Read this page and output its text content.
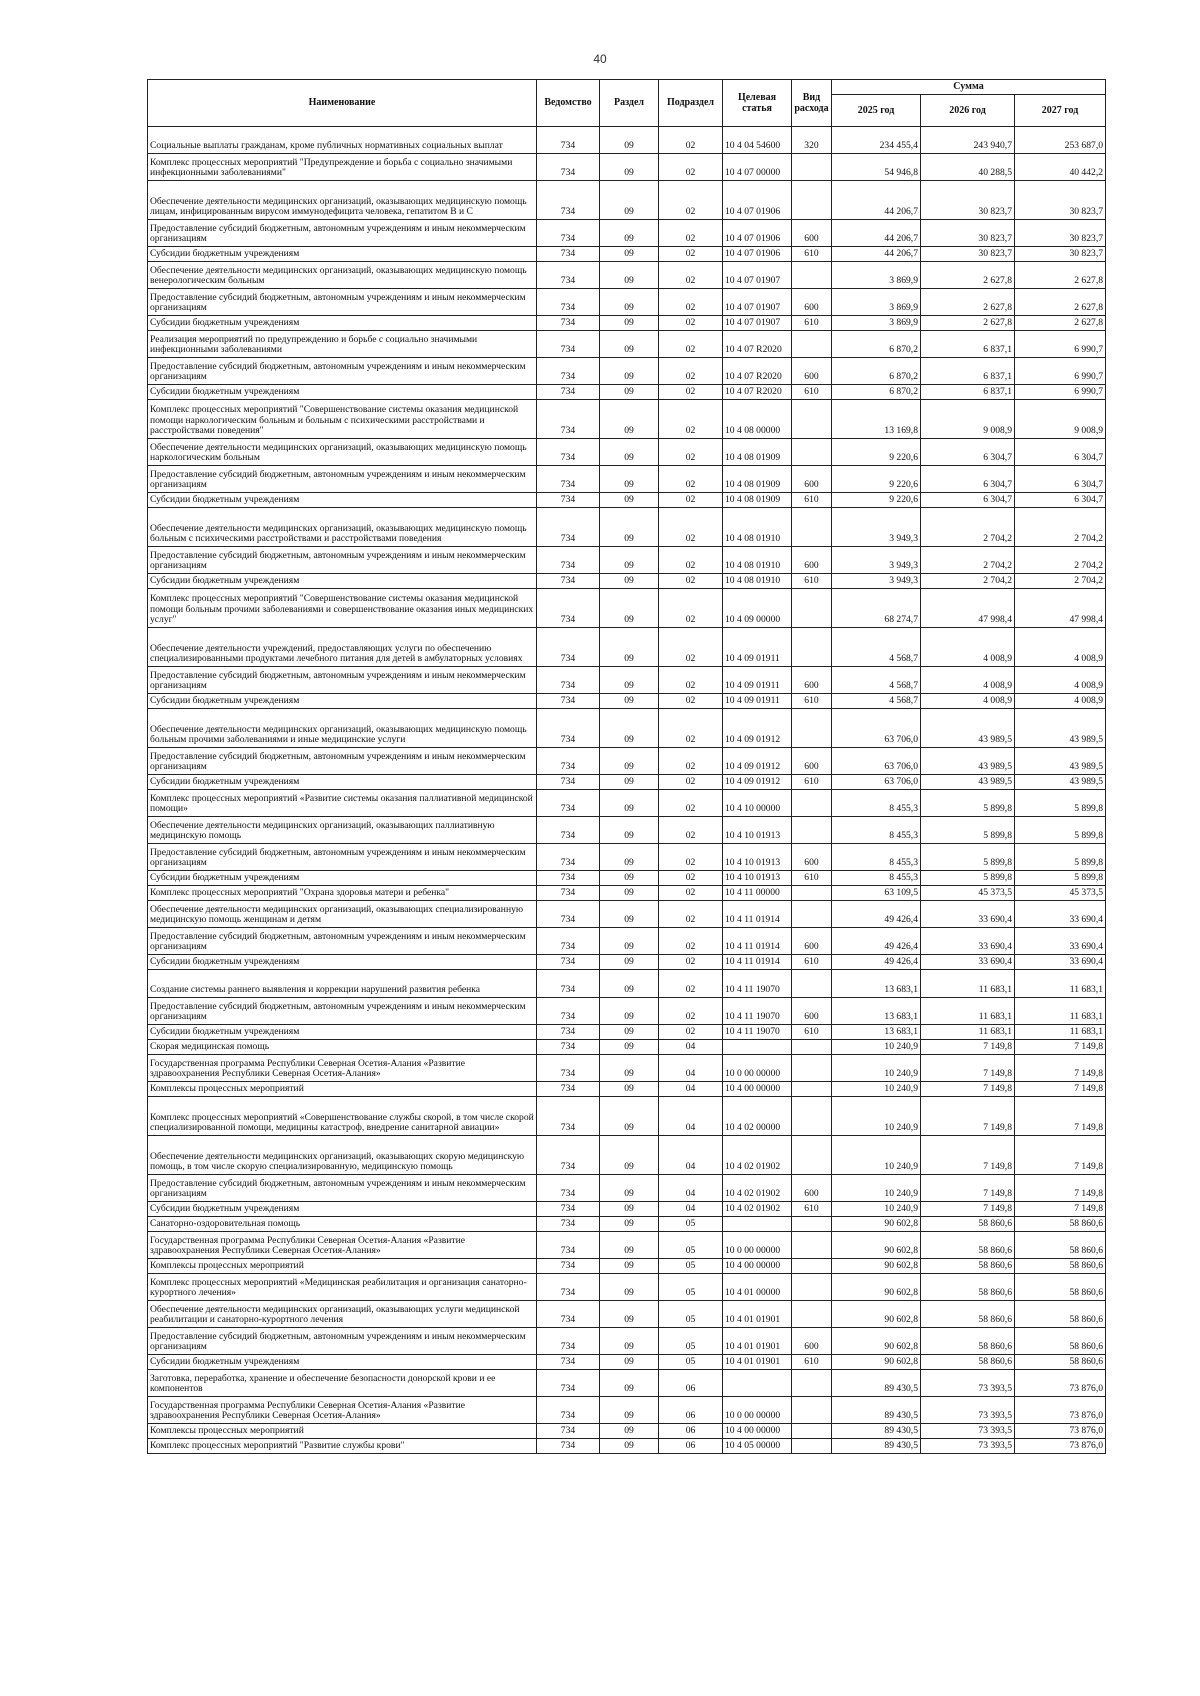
40
Наименование	Ведомство	Раздел	Подраздел	Целевая статья	Вид расхода	Сумма		
						2025 год	2026 год	2027 год
Социальные выплаты гражданам, кроме публичных нормативных социальных выплат	734	09	02	10 4 04 54600	320	234 455,4	243 940,7	253 687,0
Комплекс процессных мероприятий "Предупреждение и борьба с социально значимыми инфекционными заболеваниями"	734	09	02	10 4 07 00000		54 946,8	40 288,5	40 442,2
Обеспечение деятельности медицинских организаций, оказывающих медицинскую помощь лицам, инфицированным вирусом иммунодефицита человека, гепатитом В и С	734	09	02	10 4 07 01906		44 206,7	30 823,7	30 823,7
Предоставление субсидий бюджетным, автономным учреждениям и иным некоммерческим организациям	734	09	02	10 4 07 01906	600	44 206,7	30 823,7	30 823,7
Субсидии бюджетным учреждениям	734	09	02	10 4 07 01906	610	44 206,7	30 823,7	30 823,7
Обеспечение деятельности медицинских организаций, оказывающих медицинскую помощь венерологическим больным	734	09	02	10 4 07 01907		3 869,9	2 627,8	2 627,8
Предоставление субсидий бюджетным, автономным учреждениям и иным некоммерческим организациям	734	09	02	10 4 07 01907	600	3 869,9	2 627,8	2 627,8
Субсидии бюджетным учреждениям	734	09	02	10 4 07 01907	610	3 869,9	2 627,8	2 627,8
Реализация мероприятий по предупреждению и борьбе с социально значимыми инфекционными заболеваниями	734	09	02	10 4 07 R2020		6 870,2	6 837,1	6 990,7
Предоставление субсидий бюджетным, автономным учреждениям и иным некоммерческим организациям	734	09	02	10 4 07 R2020	600	6 870,2	6 837,1	6 990,7
Субсидии бюджетным учреждениям	734	09	02	10 4 07 R2020	610	6 870,2	6 837,1	6 990,7
Комплекс процессных мероприятий "Совершенствование системы оказания медицинской помощи наркологическим больным и больным с психическими расстройствами и расстройствами поведения"	734	09	02	10 4 08 00000		13 169,8	9 008,9	9 008,9
Обеспечение деятельности медицинских организаций, оказывающих медицинскую помощь наркологическим больным	734	09	02	10 4 08 01909		9 220,6	6 304,7	6 304,7
Предоставление субсидий бюджетным, автономным учреждениям и иным некоммерческим организациям	734	09	02	10 4 08 01909	600	9 220,6	6 304,7	6 304,7
Субсидии бюджетным учреждениям	734	09	02	10 4 08 01909	610	9 220,6	6 304,7	6 304,7
Обеспечение деятельности медицинских организаций, оказывающих медицинскую помощь больным с психическими расстройствами и расстройствами поведения	734	09	02	10 4 08 01910		3 949,3	2 704,2	2 704,2
Предоставление субсидий бюджетным, автономным учреждениям и иным некоммерческим организациям	734	09	02	10 4 08 01910	600	3 949,3	2 704,2	2 704,2
Субсидии бюджетным учреждениям	734	09	02	10 4 08 01910	610	3 949,3	2 704,2	2 704,2
Комплекс процессных мероприятий "Совершенствование системы оказания медицинской помощи больным прочими заболеваниями и совершенствование оказания иных медицинских услуг"	734	09	02	10 4 09 00000		68 274,7	47 998,4	47 998,4
Обеспечение деятельности учреждений, предоставляющих услуги по обеспечению специализированными продуктами лечебного питания для детей в амбулаторных условиях	734	09	02	10 4 09 01911		4 568,7	4 008,9	4 008,9
Предоставление субсидий бюджетным, автономным учреждениям и иным некоммерческим организациям	734	09	02	10 4 09 01911	600	4 568,7	4 008,9	4 008,9
Субсидии бюджетным учреждениям	734	09	02	10 4 09 01911	610	4 568,7	4 008,9	4 008,9
Обеспечение деятельности медицинских организаций, оказывающих медицинскую помощь больным прочими заболеваниями и иные медицинские услуги	734	09	02	10 4 09 01912		63 706,0	43 989,5	43 989,5
Предоставление субсидий бюджетным, автономным учреждениям и иным некоммерческим организациям	734	09	02	10 4 09 01912	600	63 706,0	43 989,5	43 989,5
Субсидии бюджетным учреждениям	734	09	02	10 4 09 01912	610	63 706,0	43 989,5	43 989,5
Комплекс процессных мероприятий «Развитие системы оказания паллиативной медицинской помощи»	734	09	02	10 4 10 00000		8 455,3	5 899,8	5 899,8
Обеспечение деятельности медицинских организаций, оказывающих паллиативную медицинскую помощь	734	09	02	10 4 10 01913		8 455,3	5 899,8	5 899,8
Предоставление субсидий бюджетным, автономным учреждениям и иным некоммерческим организациям	734	09	02	10 4 10 01913	600	8 455,3	5 899,8	5 899,8
Субсидии бюджетным учреждениям	734	09	02	10 4 10 01913	610	8 455,3	5 899,8	5 899,8
Комплекс процессных мероприятий "Охрана здоровья матери и ребенка"	734	09	02	10 4 11 00000		63 109,5	45 373,5	45 373,5
Обеспечение деятельности медицинских организаций, оказывающих специализированную медицинскую помощь женщинам и детям	734	09	02	10 4 11 01914		49 426,4	33 690,4	33 690,4
Предоставление субсидий бюджетным, автономным учреждениям и иным некоммерческим организациям	734	09	02	10 4 11 01914	600	49 426,4	33 690,4	33 690,4
Субсидии бюджетным учреждениям	734	09	02	10 4 11 01914	610	49 426,4	33 690,4	33 690,4
Создание системы раннего выявления и коррекции нарушений развития ребенка	734	09	02	10 4 11 19070		13 683,1	11 683,1	11 683,1
Предоставление субсидий бюджетным, автономным учреждениям и иным некоммерческим организациям	734	09	02	10 4 11 19070	600	13 683,1	11 683,1	11 683,1
Субсидии бюджетным учреждениям	734	09	02	10 4 11 19070	610	13 683,1	11 683,1	11 683,1
Скорая медицинская помощь	734	09	04			10 240,9	7 149,8	7 149,8
Государственная программа Республики Северная Осетия-Алания «Развитие здравоохранения Республики Северная Осетия-Алания»	734	09	04	10 0 00 00000		10 240,9	7 149,8	7 149,8
Комплексы процессных мероприятий	734	09	04	10 4 00 00000		10 240,9	7 149,8	7 149,8
Комплекс процессных мероприятий «Совершенствование службы скорой, в том числе скорой специализированной помощи, медицины катастроф, внедрение санитарной авиации»	734	09	04	10 4 02 00000		10 240,9	7 149,8	7 149,8
Обеспечение деятельности медицинских организаций, оказывающих скорую медицинскую помощь, в том числе скорую специализированную, медицинскую помощь	734	09	04	10 4 02 01902		10 240,9	7 149,8	7 149,8
Предоставление субсидий бюджетным, автономным учреждениям и иным некоммерческим организациям	734	09	04	10 4 02 01902	600	10 240,9	7 149,8	7 149,8
Субсидии бюджетным учреждениям	734	09	04	10 4 02 01902	610	10 240,9	7 149,8	7 149,8
Санаторно-оздоровительная помощь	734	09	05			90 602,8	58 860,6	58 860,6
Государственная программа Республики Северная Осетия-Алания «Развитие здравоохранения Республики Северная Осетия-Алания»	734	09	05	10 0 00 00000		90 602,8	58 860,6	58 860,6
Комплексы процессных мероприятий	734	09	05	10 4 00 00000		90 602,8	58 860,6	58 860,6
Комплекс процессных мероприятий «Медицинская реабилитация и организация санаторно-курортного лечения»	734	09	05	10 4 01 00000		90 602,8	58 860,6	58 860,6
Обеспечение деятельности медицинских организаций, оказывающих услуги медицинской реабилитации и санаторно-курортного лечения	734	09	05	10 4 01 01901		90 602,8	58 860,6	58 860,6
Предоставление субсидий бюджетным, автономным учреждениям и иным некоммерческим организациям	734	09	05	10 4 01 01901	600	90 602,8	58 860,6	58 860,6
Субсидии бюджетным учреждениям	734	09	05	10 4 01 01901	610	90 602,8	58 860,6	58 860,6
Заготовка, переработка, хранение и обеспечение безопасности донорской крови и ее компонентов	734	09	06			89 430,5	73 393,5	73 876,0
Государственная программа Республики Северная Осетия-Алания «Развитие здравоохранения Республики Северная Осетия-Алания»	734	09	06	10 0 00 00000		89 430,5	73 393,5	73 876,0
Комплексы процессных мероприятий	734	09	06	10 4 00 00000		89 430,5	73 393,5	73 876,0
Комплекс процессных мероприятий "Развитие службы крови"	734	09	06	10 4 05 00000		89 430,5	73 393,5	73 876,0
